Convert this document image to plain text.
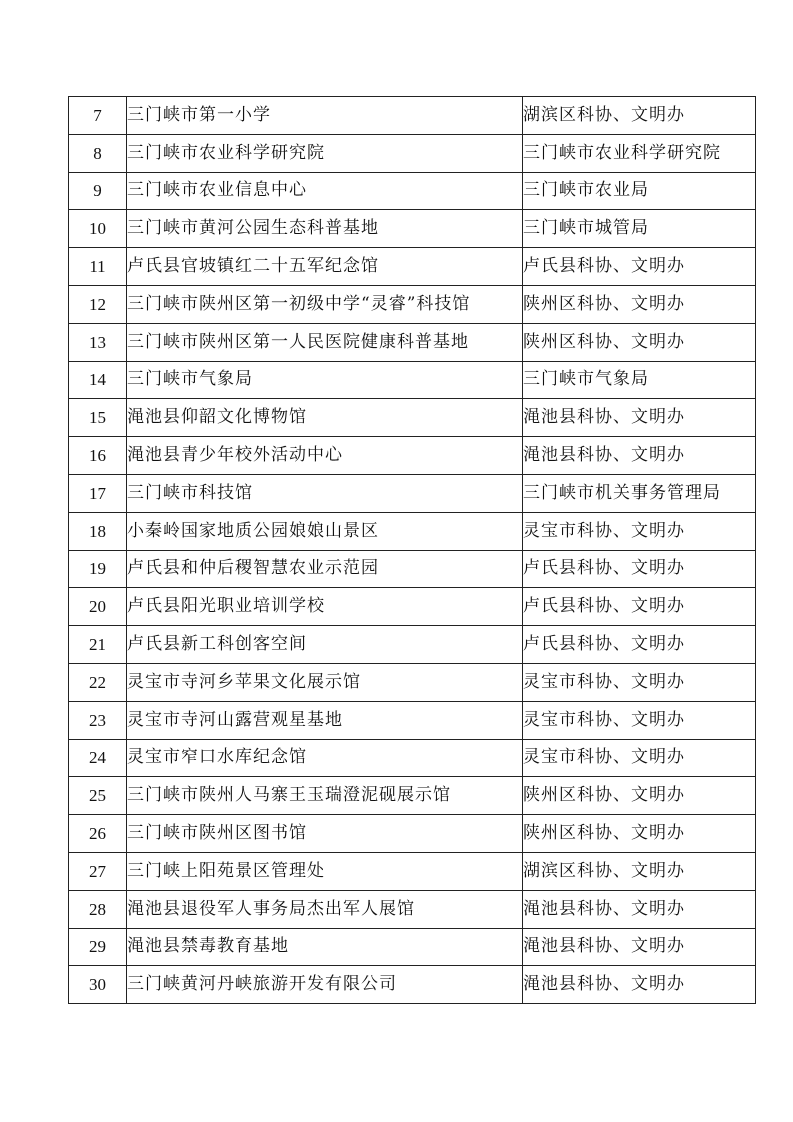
7	三门峡市第一小学	湖滨区科协、文明办
8	三门峡市农业科学研究院	三门峡市农业科学研究院
9	三门峡市农业信息中心	三门峡市农业局
10	三门峡市黄河公园生态科普基地	三门峡市城管局
11	卢氏县官坡镇红二十五军纪念馆	卢氏县科协、文明办
12	三门峡市陕州区第一初级中学“灵睿”科技馆	陕州区科协、文明办
13	三门峡市陕州区第一人民医院健康科普基地	陕州区科协、文明办
14	三门峡市气象局	三门峡市气象局
15	渑池县仰韶文化博物馆	渑池县科协、文明办
16	渑池县青少年校外活动中心	渑池县科协、文明办
17	三门峡市科技馆	三门峡市机关事务管理局
18	小秦岭国家地质公园娘娘山景区	灵宝市科协、文明办
19	卢氏县和仲后稷智慧农业示范园	卢氏县科协、文明办
20	卢氏县阳光职业培训学校	卢氏县科协、文明办
21	卢氏县新工科创客空间	卢氏县科协、文明办
22	灵宝市寺河乡苹果文化展示馆	灵宝市科协、文明办
23	灵宝市寺河山露营观星基地	灵宝市科协、文明办
24	灵宝市窄口水库纪念馆	灵宝市科协、文明办
25	三门峡市陕州人马寨王玉瑞澄泥砚展示馆	陕州区科协、文明办
26	三门峡市陕州区图书馆	陕州区科协、文明办
27	三门峡上阳苑景区管理处	湖滨区科协、文明办
28	渑池县退役军人事务局杰出军人展馆	渑池县科协、文明办
29	渑池县禁毒教育基地	渑池县科协、文明办
30	三门峡黄河丹峡旅游开发有限公司	渑池县科协、文明办
